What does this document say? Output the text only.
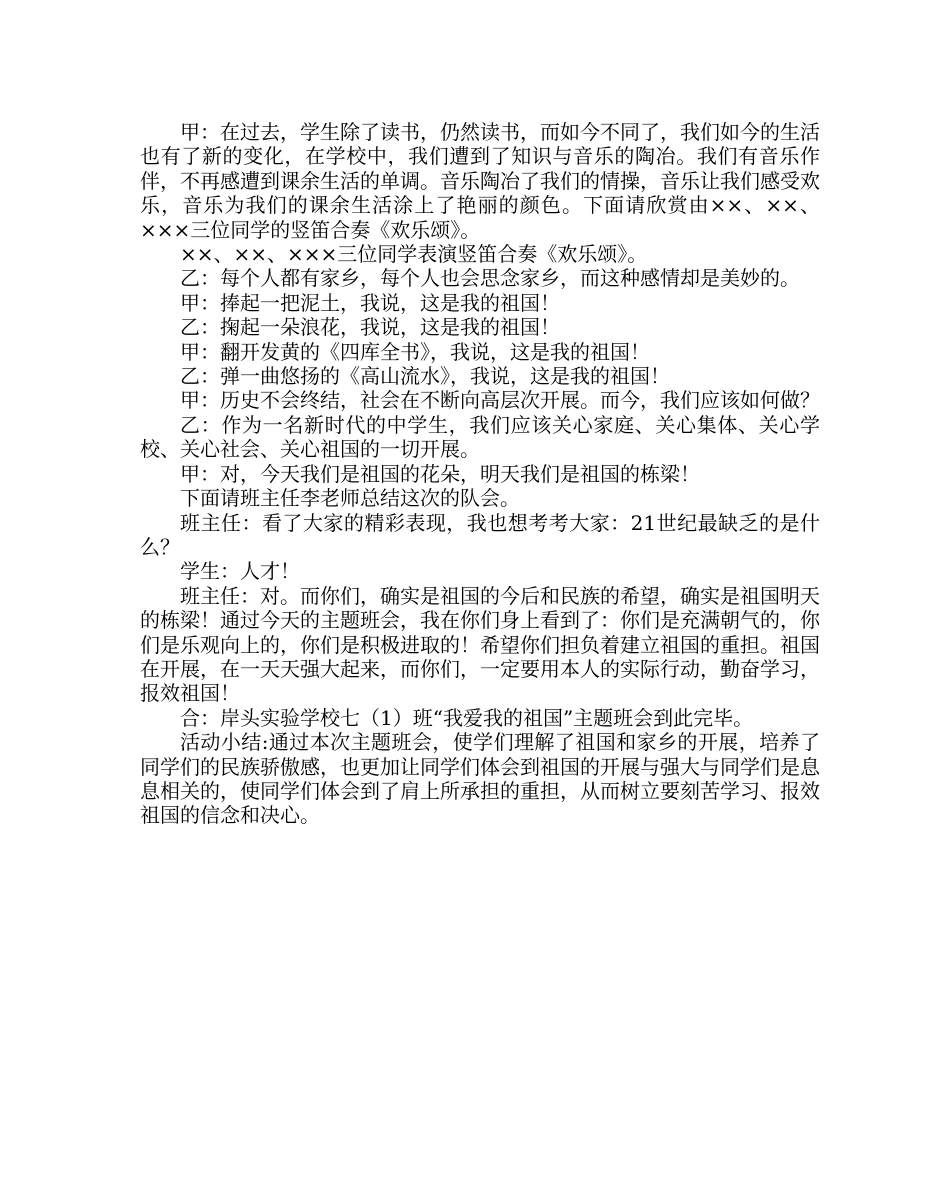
甲：在过去，学生除了读书，仍然读书，而如今不同了，我们如今的生活也有了新的变化，在学校中，我们遭到了知识与音乐的陶冶。我们有音乐作伴，不再感遭到课余生活的单调。音乐陶冶了我们的情操，音乐让我们感受欢乐，音乐为我们的课余生活涂上了艳丽的颜色。下面请欣赏由××、××、×××三位同学的竖笛合奏《欢乐颂》。

××、××、×××三位同学表演竖笛合奏《欢乐颂》。

乙：每个人都有家乡，每个人也会思念家乡，而这种感情却是美妙的。

甲：捧起一把泥土，我说，这是我的祖国！

乙：掬起一朵浪花，我说，这是我的祖国！

甲：翻开发黄的《四库全书》，我说，这是我的祖国！

乙：弹一曲悠扬的《高山流水》，我说，这是我的祖国！

甲：历史不会终结，社会在不断向高层次开展。而今，我们应该如何做？

乙：作为一名新时代的中学生，我们应该关心家庭、关心集体、关心学校、关心社会、关心祖国的一切开展。

甲：对，今天我们是祖国的花朵，明天我们是祖国的栋梁！

下面请班主任李老师总结这次的队会。

班主任：看了大家的精彩表现，我也想考考大家：21世纪最缺乏的是什么？

学生：人才！

班主任：对。而你们，确实是祖国的今后和民族的希望，确实是祖国明天的栋梁！通过今天的主题班会，我在你们身上看到了：你们是充满朝气的，你们是乐观向上的，你们是积极进取的！希望你们担负着建立祖国的重担。祖国在开展，在一天天强大起来，而你们，一定要用本人的实际行动，勤奋学习，报效祖国！

合：岸头实验学校七（1）班“我爱我的祖国”主题班会到此完毕。

活动小结:通过本次主题班会，使学们理解了祖国和家乡的开展，培养了同学们的民族骄傲感，也更加让同学们体会到祖国的开展与强大与同学们是息息相关的，使同学们体会到了肩上所承担的重担，从而树立要刻苦学习、报效祖国的信念和决心。
